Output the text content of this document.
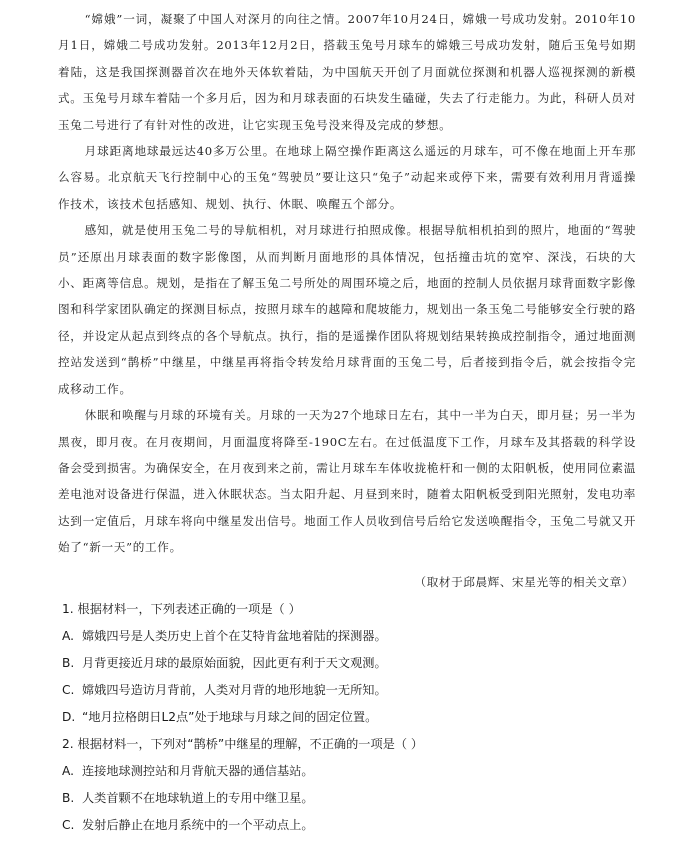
“嫦娥”一词，凝聚了中国人对深月的向往之情。2007年10月24日，嫦娥一号成功发射。2010年10月1日，嫦娥二号成功发射。2013年12月2日，搭载玉兔号月球车的嫦娥三号成功发射，随后玉兔号如期着陆，这是我国探测器首次在地外天体软着陆，为中国航天开创了月面就位探测和机器人巡视探测的新模式。玉兔号月球车着陆一个多月后，因为和月球表面的石块发生磕碰，失去了行走能力。为此，科研人员对玉兔二号进行了有针对性的改进，让它实现玉兔号没来得及完成的梦想。

月球距离地球最远达40多万公里。在地球上隔空操作距离这么遥远的月球车，可不像在地面上开车那么容易。北京航天飞行控制中心的玉兔“驾驶员”要让这只“兔子”动起来或停下来，需要有效利用月背遥操作技术，该技术包括感知、规划、执行、休眠、唤醒五个部分。

感知，就是使用玉兔二号的导航相机，对月球进行拍照成像。根据导航相机拍到的照片，地面的“驾驶员”还原出月球表面的数字影像图，从而判断月面地形的具体情况，包括撞击坑的宽窄、深浅，石块的大小、距离等信息。规划，是指在了解玉兔二号所处的周围环境之后，地面的控制人员依据月球背面数字影像图和科学家团队确定的探测目标点，按照月球车的越障和爬坡能力，规划出一条玉兔二号能够安全行驶的路径，并设定从起点到终点的各个导航点。执行，指的是遥操作团队将规划结果转换成控制指令，通过地面测控站发送到“鹊桥”中继星，中继星再将指令转发给月球背面的玉兔二号，后者接到指令后，就会按指令完成移动工作。

休眠和唤醒与月球的环境有关。月球的一天为27个地球日左右，其中一半为白天，即月昼；另一半为黑夜，即月夜。在月夜期间，月面温度将降至-190C左右。在过低温度下工作，月球车及其搭载的科学设备会受到损害。为确保安全，在月夜到来之前，需让月球车车体收拢桅杆和一侧的太阳帆板，使用同位素温差电池对设备进行保温，进入休眠状态。当太阳升起、月昼到来时，随着太阳帆板受到阳光照射，发电功率达到一定值后，月球车将向中继星发出信号。地面工作人员收到信号后给它发送唤醒指令，玉兔二号就又开始了“新一天”的工作。

（取材于邱晨辉、宋星光等的相关文章）

1. 根据材料一，下列表述正确的一项是（ ）

A. 嫦娥四号是人类历史上首个在艾特肯盆地着陆的探测器。

B. 月背更接近月球的最原始面貌，因此更有利于天文观测。

C. 嫦娥四号造访月背前，人类对月背的地形地貌一无所知。

D. “地月拉格朗日L2点”处于地球与月球之间的固定位置。

2. 根据材料一，下列对“鹊桥”中继星的理解，不正确的一项是（ ）

A. 连接地球测控站和月背航天器的通信基站。

B. 人类首颗不在地球轨道上的专用中继卫星。

C. 发射后静止在地月系统中的一个平动点上。
